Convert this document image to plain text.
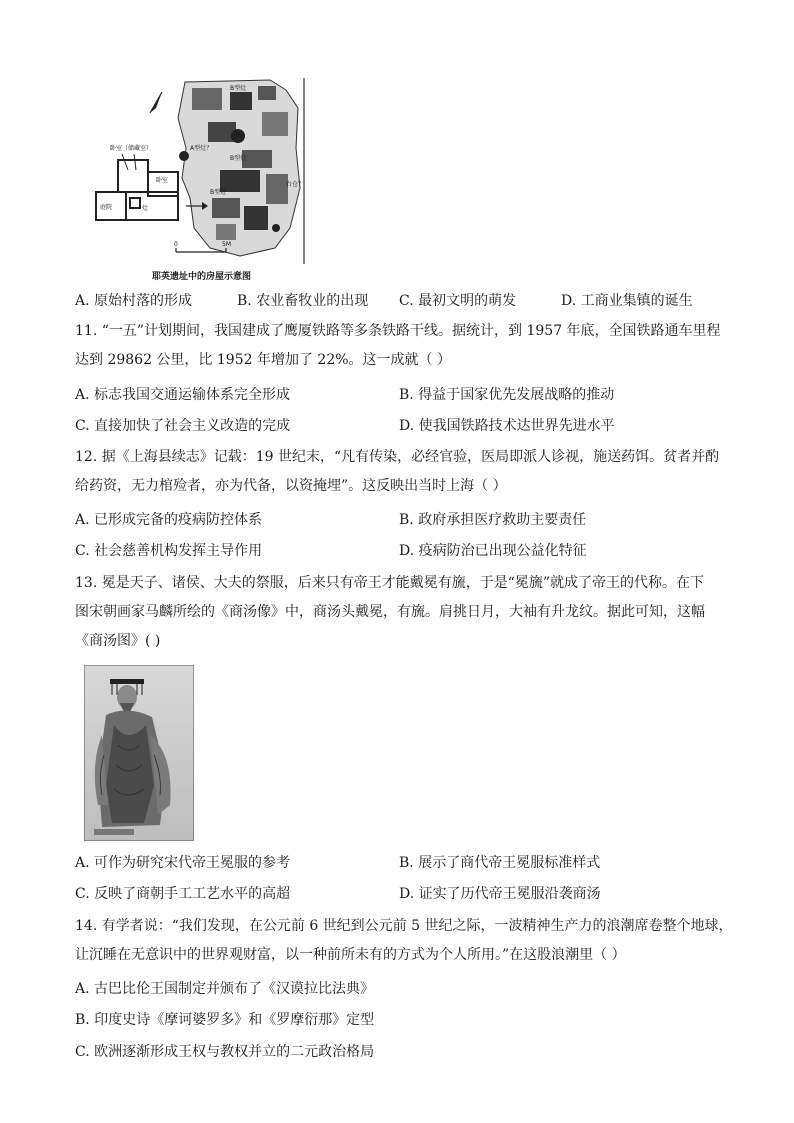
卧室（储藏室）
卧室
庭院	灶
A型灶？
B型灶
B型灶
B型灶
台仓？
0	5M
耶英遗址中的房屋示意图
A. 原始村落的形成	B. 农业畜牧业的出现 C. 最初文明的萌发	D. 工商业集镇的诞生
11. “一五”计划期间，我国建成了鹰厦铁路等多条铁路干线。据统计，到 1957 年底，全国铁路通车里程
达到 29862 公里，比 1952 年增加了 22%。这一成就（ ）
A. 标志我国交通运输体系完全形成	B. 得益于国家优先发展战略的推动
C. 直接加快了社会主义改造的完成	D. 使我国铁路技术达世界先进水平
12. 据《上海县续志》记载：19 世纪末，“凡有传染，必经官验，医局即派人诊视，施送药饵。贫者并酌
给药资，无力棺殓者，亦为代备，以资掩埋”。这反映出当时上海（ ）
A. 已形成完备的疫病防控体系	B. 政府承担医疗救助主要责任
C. 社会慈善机构发挥主导作用	D. 疫病防治已出现公益化特征
13. 冕是天子、诸侯、大夫的祭服，后来只有帝王才能戴冕有旒，于是“冕旒”就成了帝王的代称。在下
图宋朝画家马麟所绘的《商汤像》中，商汤头戴冕，有旒。肩挑日月，大袖有升龙纹。据此可知，这幅
《商汤图》( )
A. 可作为研究宋代帝王冕服的参考	B. 展示了商代帝王冕服标准样式
C. 反映了商朝手工工艺水平的高超	D. 证实了历代帝王冕服沿袭商汤
14. 有学者说：“我们发现，在公元前 6 世纪到公元前 5 世纪之际，一波精神生产力的浪潮席卷整个地球，
让沉睡在无意识中的世界观财富，以一种前所未有的方式为个人所用。”在这股浪潮里（ ）
A. 古巴比伦王国制定并颁布了《汉谟拉比法典》
B. 印度史诗《摩诃婆罗多》和《罗摩衍那》定型
C. 欧洲逐渐形成王权与教权并立的二元政治格局
